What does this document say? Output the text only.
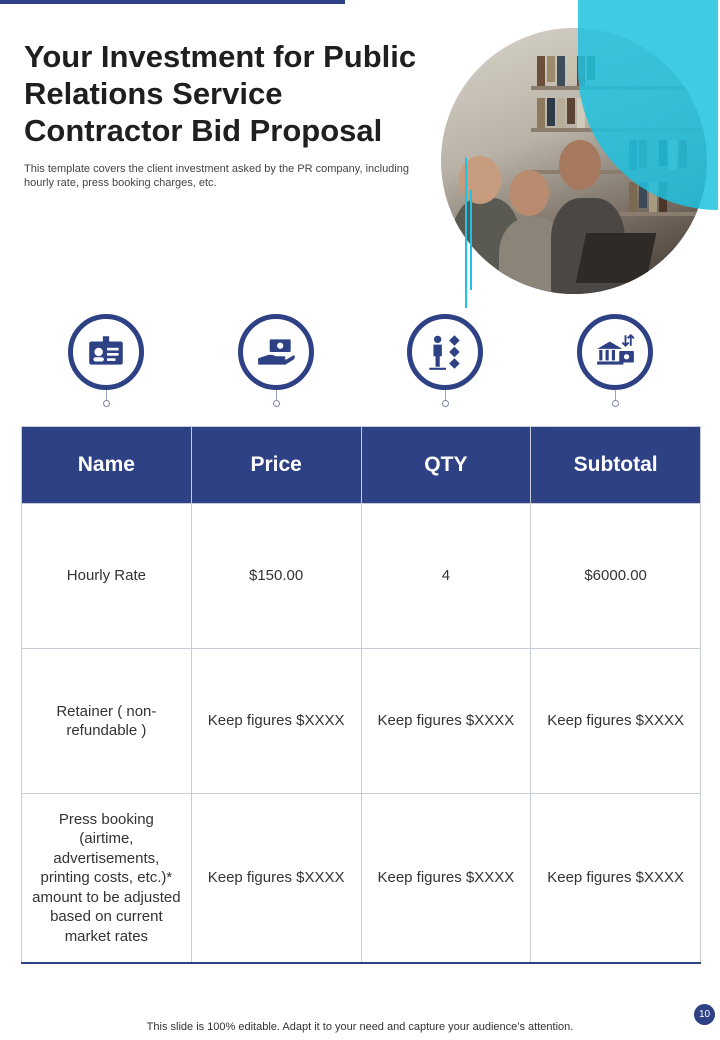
Your Investment for Public Relations Service Contractor Bid Proposal
This template covers the client investment asked by the PR company, including hourly rate, press booking charges, etc.
Name	Price	QTY	Subtotal
Hourly Rate	$150.00	4	$6000.00
Retainer ( non-refundable )	Keep figures $XXXX	Keep figures $XXXX	Keep figures $XXXX
Press booking (airtime, advertisements, printing costs, etc.)* amount to be adjusted based on current market rates	Keep figures $XXXX	Keep figures $XXXX	Keep figures $XXXX
This slide is 100% editable. Adapt it to your need and capture your audience’s attention.
10
